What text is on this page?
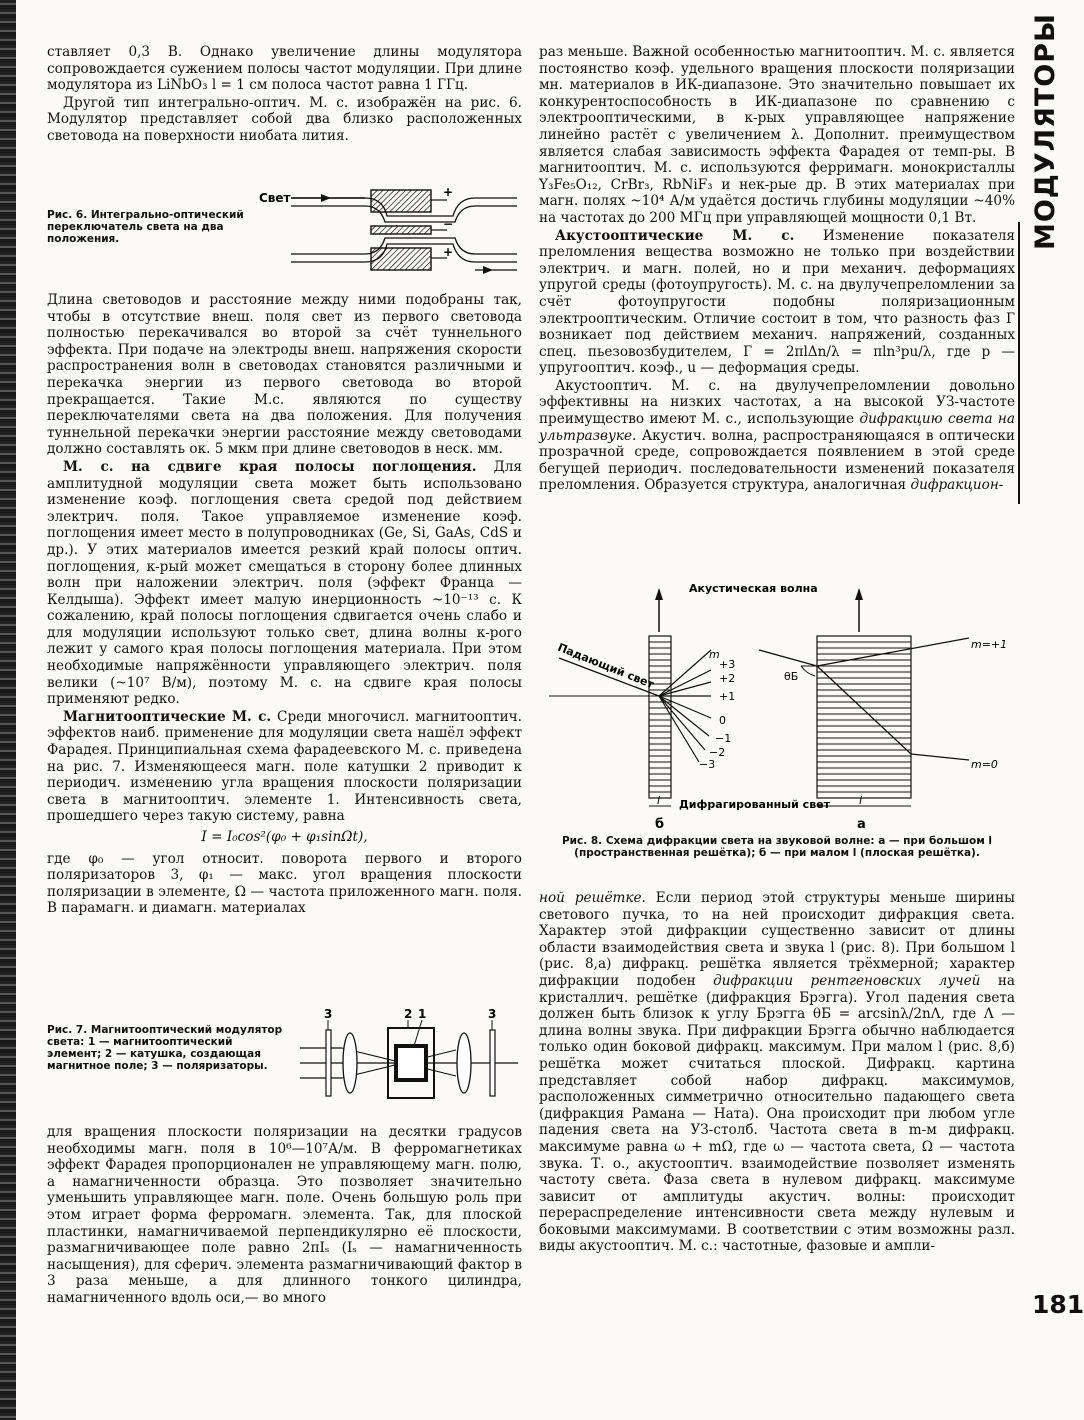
МОДУЛЯТОРЫ

ставляет 0,3 В. Однако увеличение длины модулятора сопровождается сужением полосы частот модуляции. При длине модулятора из LiNbO₃ l = 1 см полоса частот равна 1 ГГц.

Другой тип интегрально-оптич. М. с. изображён на рис. 6. Модулятор представляет собой два близко расположенных световода на поверхности ниобата лития.

Рис. 6. Интегрально-оптический переключатель света на два положения.
Свет	+
−
+

Длина световодов и расстояние между ними подобраны так, чтобы в отсутствие внеш. поля свет из первого световода полностью перекачивался во второй за счёт туннельного эффекта. При подаче на электроды внеш. напряжения скорости распространения волн в световодах становятся различными и перекачка энергии из первого световода во второй прекращается. Такие М.с. являются по существу переключателями света на два положения. Для получения туннельной перекачки энергии расстояние между световодами должно составлять ок. 5 мкм при длине световодов в неск. мм.

М. с. на сдвиге края полосы поглощения. Для амплитудной модуляции света может быть использовано изменение коэф. поглощения света средой под действием электрич. поля. Такое управляемое изменение коэф. поглощения имеет место в полупроводниках (Ge, Si, GaAs, CdS и др.). У этих материалов имеется резкий край полосы оптич. поглощения, к-рый может смещаться в сторону более длинных волн при наложении электрич. поля (эффект Франца — Келдыша). Эффект имеет малую инерционность ~10⁻¹³ с. К сожалению, край полосы поглощения сдвигается очень слабо и для модуляции используют только свет, длина волны к-рого лежит у самого края полосы поглощения материала. При этом необходимые напряжённости управляющего электрич. поля велики (~10⁷ В/м), поэтому М. с. на сдвиге края полосы применяют редко.

Магнитооптические М. с. Среди многочисл. магнитооптич. эффектов наиб. применение для модуляции света нашёл эффект Фарадея. Принципиальная схема фарадеевского М. с. приведена на рис. 7. Изменяющееся магн. поле катушки 2 приводит к периодич. изменению угла вращения плоскости поляризации света в магнитооптич. элементе 1. Интенсивность света, прошедшего через такую систему, равна

I = I₀cos²(φ₀ + φ₁sinΩt),

где φ₀ — угол относит. поворота первого и второго поляризаторов 3, φ₁ — макс. угол вращения плоскости поляризации в элементе, Ω — частота приложенного магн. поля. В парамагн. и диамагн. материалах

Рис. 7. Магнитооптический модулятор света: 1 — магнитооптический элемент; 2 — катушка, создающая магнитное поле; 3 — поляризаторы.
3	2 1	3

для вращения плоскости поляризации на десятки градусов необходимы магн. поля в 10⁶—10⁷А/м. В ферромагнетиках эффект Фарадея пропорционален не управляющему магн. полю, а намагниченности образца. Это позволяет значительно уменьшить управляющее магн. поле. Очень большую роль при этом играет форма ферромагн. элемента. Так, для плоской пластинки, намагничиваемой перпендикулярно её плоскости, размагничивающее поле равно 2πIₛ (Iₛ — намагниченность насыщения), для сферич. элемента размагничивающий фактор в 3 раза меньше, а для длинного тонкого цилиндра, намагниченного вдоль оси,— во много

раз меньше. Важной особенностью магнитооптич. М. с. является постоянство коэф. удельного вращения плоскости поляризации мн. материалов в ИК-диапазоне. Это значительно повышает их конкурентоспособность в ИК-диапазоне по сравнению с электрооптическими, в к-рых управляющее напряжение линейно растёт с увеличением λ. Дополнит. преимуществом является слабая зависимость эффекта Фарадея от темп-ры. В магнитооптич. М. с. используются ферримагн. монокристаллы Y₃Fe₅O₁₂, CrBr₃, RbNiF₃ и нек-рые др. В этих материалах при магн. полях ~10⁴ А/м удаётся достичь глубины модуляции ~40% на частотах до 200 МГц при управляющей мощности 0,1 Вт.

Акустооптические М. с. Изменение показателя преломления вещества возможно не только при воздействии электрич. и магн. полей, но и при механич. деформациях упругой среды (фотоупругость). М. с. на двулучепреломлении за счёт фотоупругости подобны поляризационным электрооптическим. Отличие состоит в том, что разность фаз Г возникает под действием механич. напряжений, созданных спец. пьезовозбудителем, Г = 2πlΔn/λ = πln³pu/λ, где p — упругооптич. коэф., u — деформация среды.

Акустооптич. М. с. на двулучепреломлении довольно эффективны на низких частотах, а на высокой УЗ-частоте преимущество имеют М. с., использующие дифракцию света на ультразвуке. Акустич. волна, распространяющаяся в оптически прозрачной среде, сопровождается появлением в этой среде бегущей периодич. последовательности изменений показателя преломления. Образуется структура, аналогичная дифракцион-

Акустическая волна
Падающий свет	m
+3
+2
+1
0
−1
−2
−3
l Дифрагированный свет
б
θБ
m=+1
m=0
l
а
Рис. 8. Схема дифракции света на звуковой волне: а — при большом l (пространственная решётка); б — при малом l (плоская решётка).

ной решётке. Если период этой структуры меньше ширины светового пучка, то на ней происходит дифракция света. Характер этой дифракции существенно зависит от длины области взаимодействия света и звука l (рис. 8). При большом l (рис. 8,а) дифракц. решётка является трёхмерной; характер дифракции подобен дифракции рентгеновских лучей на кристаллич. решётке (дифракция Брэгга). Угол падения света должен быть близок к углу Брэгга θБ = arcsinλ/2nΛ, где Λ — длина волны звука. При дифракции Брэгга обычно наблюдается только один боковой дифракц. максимум. При малом l (рис. 8,б) решётка может считаться плоской. Дифракц. картина представляет собой набор дифракц. максимумов, расположенных симметрично относительно падающего света (дифракция Рамана — Ната). Она происходит при любом угле падения света на УЗ-столб. Частота света в m-м дифракц. максимуме равна ω + mΩ, где ω — частота света, Ω — частота звука. Т. о., акустооптич. взаимодействие позволяет изменять частоту света. Фаза света в нулевом дифракц. максимуме зависит от амплитуды акустич. волны: происходит перераспределение интенсивности света между нулевым и боковыми максимумами. В соответствии с этим возможны разл. виды акустооптич. М. с.: частотные, фазовые и ампли-

181
